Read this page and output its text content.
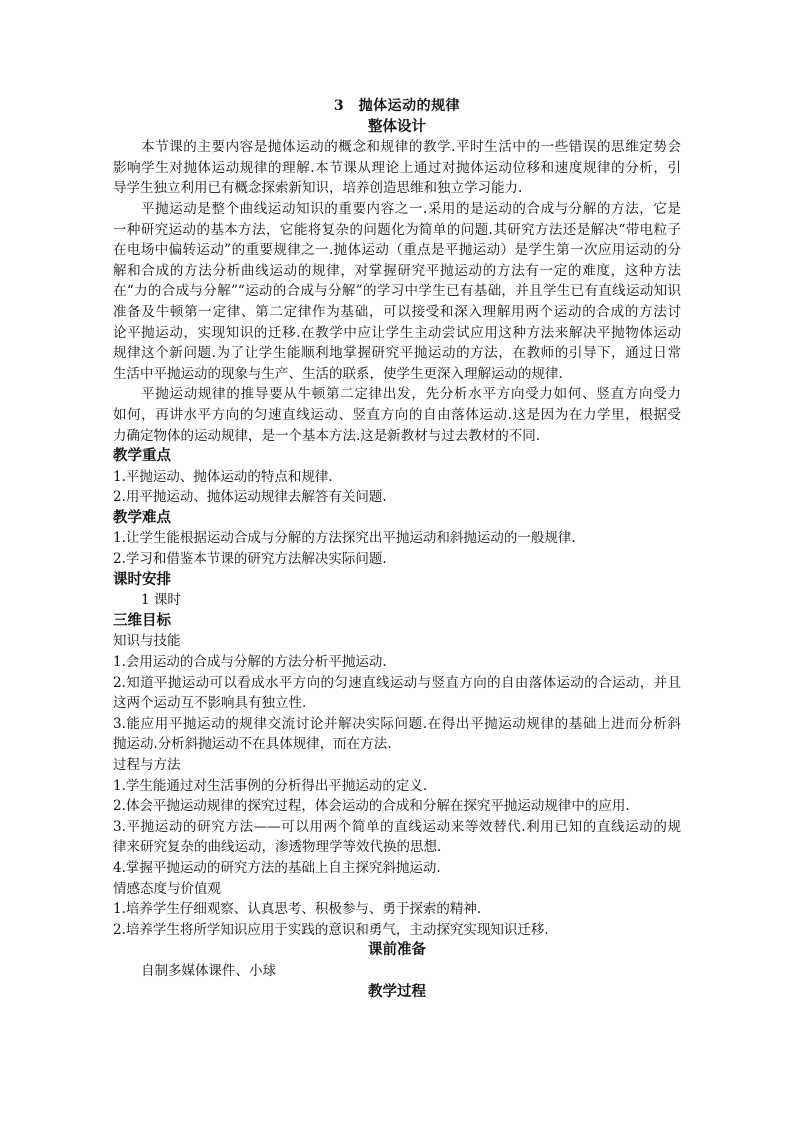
3　抛体运动的规律
整体设计
本节课的主要内容是抛体运动的概念和规律的教学.平时生活中的一些错误的思维定势会
影响学生对抛体运动规律的理解.本节课从理论上通过对抛体运动位移和速度规律的分析，引
导学生独立利用已有概念探索新知识，培养创造思维和独立学习能力.
平抛运动是整个曲线运动知识的重要内容之一.采用的是运动的合成与分解的方法，它是
一种研究运动的基本方法，它能将复杂的问题化为简单的问题.其研究方法还是解决“带电粒子
在电场中偏转运动”的重要规律之一.抛体运动（重点是平抛运动）是学生第一次应用运动的分
解和合成的方法分析曲线运动的规律，对掌握研究平抛运动的方法有一定的难度，这种方法
在“力的合成与分解”“运动的合成与分解”的学习中学生已有基础，并且学生已有直线运动知识
准备及牛顿第一定律、第二定律作为基础，可以接受和深入理解用两个运动的合成的方法讨
论平抛运动，实现知识的迁移.在教学中应让学生主动尝试应用这种方法来解决平抛物体运动
规律这个新问题.为了让学生能顺利地掌握研究平抛运动的方法，在教师的引导下，通过日常
生活中平抛运动的现象与生产、生活的联系，使学生更深入理解运动的规律.
平抛运动规律的推导要从牛顿第二定律出发，先分析水平方向受力如何、竖直方向受力
如何，再讲水平方向的匀速直线运动、竖直方向的自由落体运动.这是因为在力学里，根据受
力确定物体的运动规律，是一个基本方法.这是新教材与过去教材的不同.
教学重点
1.平抛运动、抛体运动的特点和规律.
2.用平抛运动、抛体运动规律去解答有关问题.
教学难点
1.让学生能根据运动合成与分解的方法探究出平抛运动和斜抛运动的一般规律.
2.学习和借鉴本节课的研究方法解决实际问题.
课时安排
1 课时
三维目标
知识与技能
1.会用运动的合成与分解的方法分析平抛运动.
2.知道平抛运动可以看成水平方向的匀速直线运动与竖直方向的自由落体运动的合运动，并且
这两个运动互不影响具有独立性.
3.能应用平抛运动的规律交流讨论并解决实际问题.在得出平抛运动规律的基础上进而分析斜
抛运动.分析斜抛运动不在具体规律，而在方法.
过程与方法
1.学生能通过对生活事例的分析得出平抛运动的定义.
2.体会平抛运动规律的探究过程，体会运动的合成和分解在探究平抛运动规律中的应用.
3.平抛运动的研究方法——可以用两个简单的直线运动来等效替代.利用已知的直线运动的规
律来研究复杂的曲线运动，渗透物理学等效代换的思想.
4.掌握平抛运动的研究方法的基础上自主探究斜抛运动.
情感态度与价值观
1.培养学生仔细观察、认真思考、积极参与、勇于探索的精神.
2.培养学生将所学知识应用于实践的意识和勇气，主动探究实现知识迁移.
课前准备
自制多媒体课件、小球
教学过程
